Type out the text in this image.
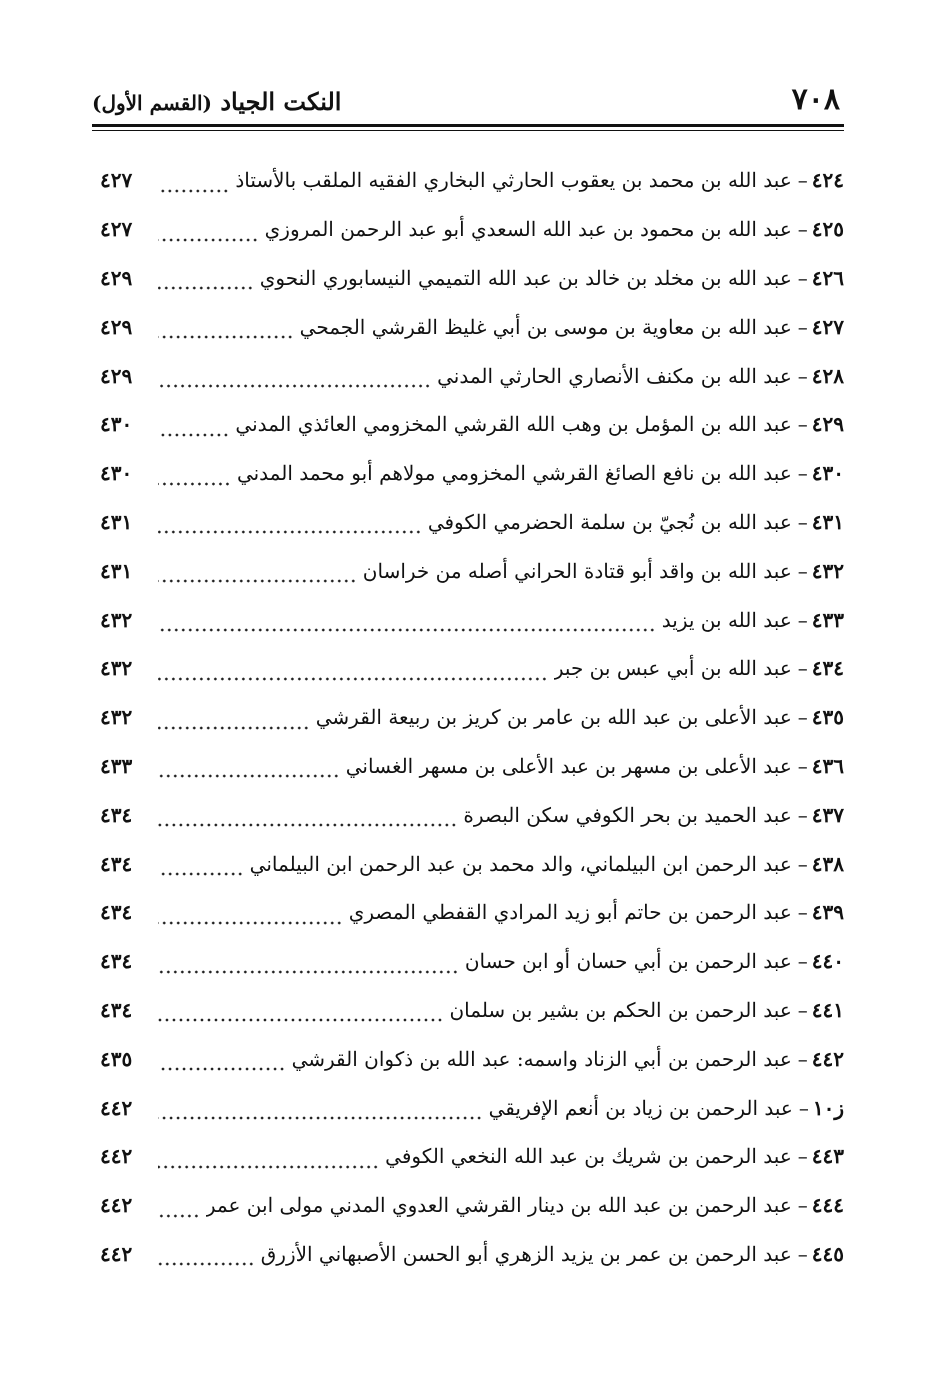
٧٠٨
النكت الجياد (القسم الأول)
٤٢٤
–
عبد الله بن محمد بن يعقوب الحارثي البخاري الفقيه الملقب بالأستاذ
٤٢٧
٤٢٥
–
عبد الله بن محمود بن عبد الله السعدي أبو عبد الرحمن المروزي
٤٢٧
٤٢٦
–
عبد الله بن مخلد بن خالد بن عبد الله التميمي النيسابوري النحوي
٤٢٩
٤٢٧
–
عبد الله بن معاوية بن موسى بن أبي غليظ القرشي الجمحي
٤٢٩
٤٢٨
–
عبد الله بن مكنف الأنصاري الحارثي المدني
٤٢٩
٤٢٩
–
عبد الله بن المؤمل بن وهب الله القرشي المخزومي العائذي المدني
٤٣٠
٤٣٠
–
عبد الله بن نافع الصائغ القرشي المخزومي مولاهم أبو محمد المدني
٤٣٠
٤٣١
–
عبد الله بن نُجيّ بن سلمة الحضرمي الكوفي
٤٣١
٤٣٢
–
عبد الله بن واقد أبو قتادة الحراني أصله من خراسان
٤٣١
٤٣٣
–
عبد الله بن يزيد
٤٣٢
٤٣٤
–
عبد الله بن أبي عبس بن جبر
٤٣٢
٤٣٥
–
عبد الأعلى بن عبد الله بن عامر بن كريز بن ربيعة القرشي
٤٣٢
٤٣٦
–
عبد الأعلى بن مسهر بن عبد الأعلى بن مسهر الغساني
٤٣٣
٤٣٧
–
عبد الحميد بن بحر الكوفي سكن البصرة
٤٣٤
٤٣٨
–
عبد الرحمن ابن البيلماني، والد محمد بن عبد الرحمن ابن البيلماني
٤٣٤
٤٣٩
–
عبد الرحمن بن حاتم أبو زيد المرادي القفطي المصري
٤٣٤
٤٤٠
–
عبد الرحمن بن أبي حسان أو ابن حسان
٤٣٤
٤٤١
–
عبد الرحمن بن الحكم بن بشير بن سلمان
٤٣٤
٤٤٢
–
عبد الرحمن بن أبي الزناد واسمه: عبد الله بن ذكوان القرشي
٤٣٥
ز١٠
–
عبد الرحمن بن زياد بن أنعم الإفريقي
٤٤٢
٤٤٣
–
عبد الرحمن بن شريك بن عبد الله النخعي الكوفي
٤٤٢
٤٤٤
–
عبد الرحمن بن عبد الله بن دينار القرشي العدوي المدني مولى ابن عمر
٤٤٢
٤٤٥
–
عبد الرحمن بن عمر بن يزيد الزهري أبو الحسن الأصبهاني الأزرق
٤٤٢
